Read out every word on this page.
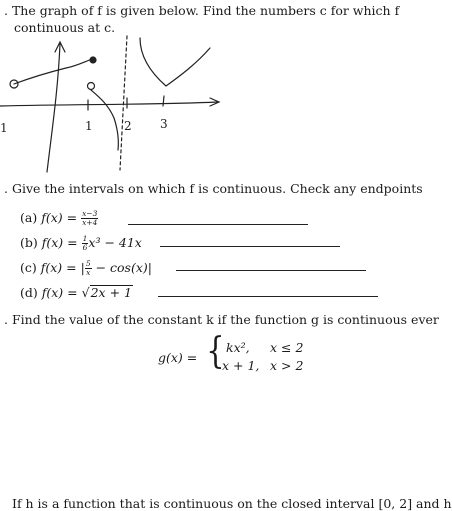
. The graph of f is given below. Find the numbers c for which f
continuous at c.
1	1	2 3
. Give the intervals on which f is continuous. Check any endpoints
(a) $f(x) = \frac{x-3}{x+4}$
(b) $f(x) = \frac{1}{6} x^3 - 41x$
(c) f(x) = | $\frac{5}{x} - \cos(x)|$
(d) f(x) = √2x + 1
. Find the value of the constant k if the function g is continuous ever
g(x) = { kx², x ≤ 2
x + 1, x > 2
If h is a function that is continuous on the closed interval [0, 2] and h
